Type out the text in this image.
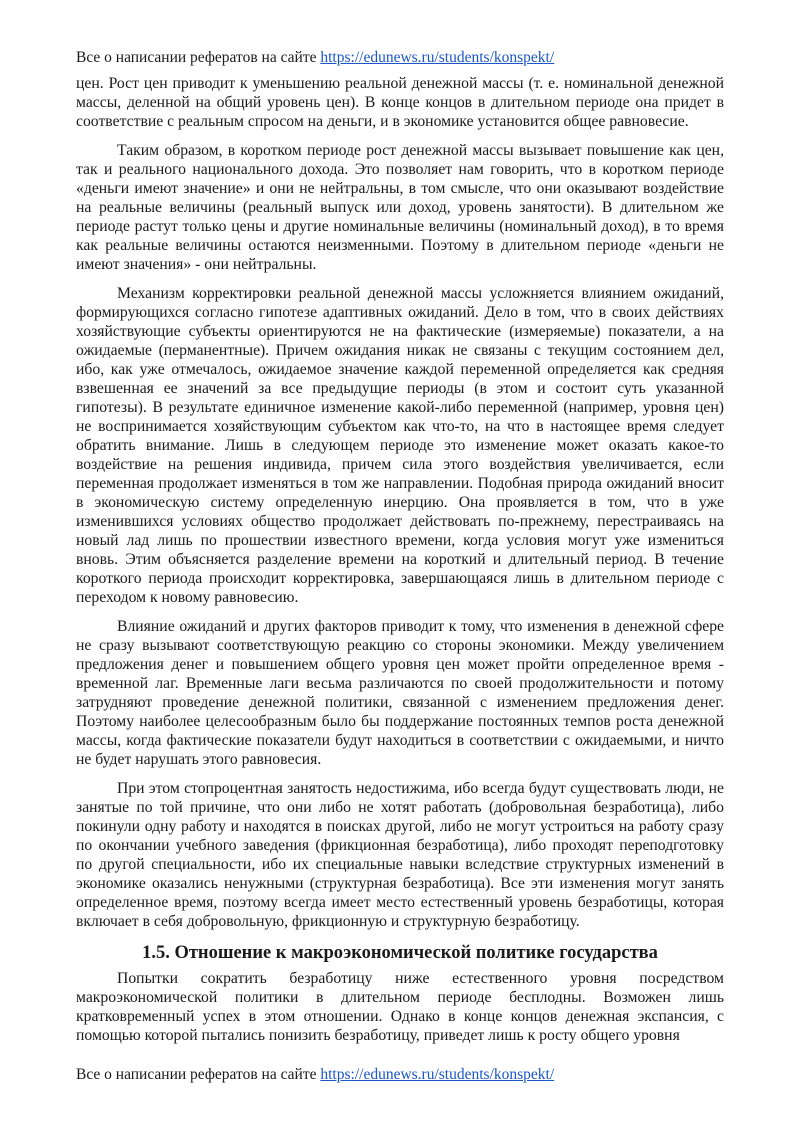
Все о написании рефератов на сайте https://edunews.ru/students/konspekt/

цен. Рост цен приводит к уменьшению реальной денежной массы (т. е. номинальной денежной массы, деленной на общий уровень цен). В конце концов в длительном периоде она придет в соответствие с реальным спросом на деньги, и в экономике установится общее равновесие.

Таким образом, в коротком периоде рост денежной массы вызывает повышение как цен, так и реального национального дохода. Это позволяет нам говорить, что в коротком периоде «деньги имеют значение» и они не нейтральны, в том смысле, что они оказывают воздействие на реальные величины (реальный выпуск или доход, уровень занятости). В длительном же периоде растут только цены и другие номинальные величины (номинальный доход), в то время как реальные величины остаются неизменными. Поэтому в длительном периоде «деньги не имеют значения» - они нейтральны.

Механизм корректировки реальной денежной массы усложняется влиянием ожиданий, формирующихся согласно гипотезе адаптивных ожиданий. Дело в том, что в своих действиях хозяйствующие субъекты ориентируются не на фактические (измеряемые) показатели, а на ожидаемые (перманентные). Причем ожидания никак не связаны с текущим состоянием дел, ибо, как уже отмечалось, ожидаемое значение каждой переменной определяется как средняя взвешенная ее значений за все предыдущие периоды (в этом и состоит суть указанной гипотезы). В результате единичное изменение какой-либо переменной (например, уровня цен) не воспринимается хозяйствующим субъектом как что-то, на что в настоящее время следует обратить внимание. Лишь в следующем периоде это изменение может оказать какое-то воздействие на решения индивида, причем сила этого воздействия увеличивается, если переменная продолжает изменяться в том же направлении. Подобная природа ожиданий вносит в экономическую систему определенную инерцию. Она проявляется в том, что в уже изменившихся условиях общество продолжает действовать по-прежнему, перестраиваясь на новый лад лишь по прошествии известного времени, когда условия могут уже измениться вновь. Этим объясняется разделение времени на короткий и длительный период. В течение короткого периода происходит корректировка, завершающаяся лишь в длительном периоде с переходом к новому равновесию.

Влияние ожиданий и других факторов приводит к тому, что изменения в денежной сфере не сразу вызывают соответствующую реакцию со стороны экономики. Между увеличением предложения денег и повышением общего уровня цен может пройти определенное время - временной лаг. Временные лаги весьма различаются по своей продолжительности и потому затрудняют проведение денежной политики, связанной с изменением предложения денег. Поэтому наиболее целесообразным было бы поддержание постоянных темпов роста денежной массы, когда фактические показатели будут находиться в соответствии с ожидаемыми, и ничто не будет нарушать этого равновесия.

При этом стопроцентная занятость недостижима, ибо всегда будут существовать люди, не занятые по той причине, что они либо не хотят работать (добровольная безработица), либо покинули одну работу и находятся в поисках другой, либо не могут устроиться на работу сразу по окончании учебного заведения (фрикционная безработица), либо проходят переподготовку по другой специальности, ибо их специальные навыки вследствие структурных изменений в экономике оказались ненужными (структурная безработица). Все эти изменения могут занять определенное время, поэтому всегда имеет место естественный уровень безработицы, которая включает в себя добровольную, фрикционную и структурную безработицу.

1.5. Отношение к макроэкономической политике государства

Попытки сократить безработицу ниже естественного уровня посредством макроэкономической политики в длительном периоде бесплодны. Возможен лишь кратковременный успех в этом отношении. Однако в конце концов денежная экспансия, с помощью которой пытались понизить безработицу, приведет лишь к росту общего уровня

Все о написании рефератов на сайте https://edunews.ru/students/konspekt/
